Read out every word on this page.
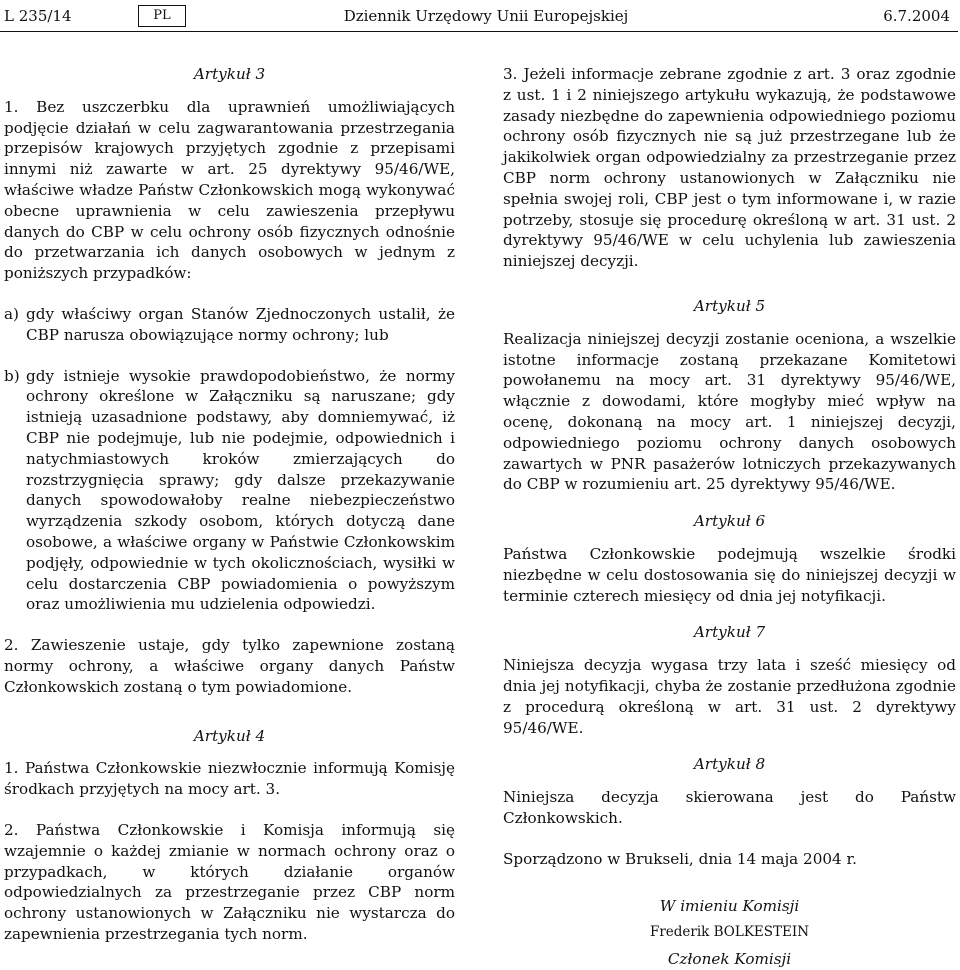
L 235/14	PL	Dziennik Urzędowy Unii Europejskiej	6.7.2004

Artykuł 3

1. Bez uszczerbku dla uprawnień umożliwiających podjęcie działań w celu zagwarantowania przestrzegania przepisów krajowych przyjętych zgodnie z przepisami innymi niż zawarte w art. 25 dyrektywy 95/46/WE, właściwe władze Państw Członkowskich mogą wykonywać obecne uprawnienia w celu zawieszenia przepływu danych do CBP w celu ochrony osób fizycznych odnośnie do przetwarzania ich danych osobowych w jednym z poniższych przypadków:

a) gdy właściwy organ Stanów Zjednoczonych ustalił, że CBP narusza obowiązujące normy ochrony; lub
b) gdy istnieje wysokie prawdopodobieństwo, że normy ochrony określone w Załączniku są naruszane; gdy istnieją uzasadnione podstawy, aby domniemywać, iż CBP nie podejmuje, lub nie podejmie, odpowiednich i natychmiastowych kroków zmierzających do rozstrzygnięcia sprawy; gdy dalsze przekazywanie danych spowodowałoby realne niebezpieczeństwo wyrządzenia szkody osobom, których dotyczą dane osobowe, a właściwe organy w Państwie Członkowskim podjęły, odpowiednie w tych okolicznościach, wysiłki w celu dostarczenia CBP powiadomienia o powyższym oraz umożliwienia mu udzielenia odpowiedzi.

2. Zawieszenie ustaje, gdy tylko zapewnione zostaną normy ochrony, a właściwe organy danych Państw Członkowskich zostaną o tym powiadomione.

Artykuł 4

1. Państwa Członkowskie niezwłocznie informują Komisję środkach przyjętych na mocy art. 3.

2. Państwa Członkowskie i Komisja informują się wzajemnie o każdej zmianie w normach ochrony oraz o przypadkach, w których działanie organów odpowiedzialnych za przestrzeganie przez CBP norm ochrony ustanowionych w Załączniku nie wystarcza do zapewnienia przestrzegania tych norm.

3. Jeżeli informacje zebrane zgodnie z art. 3 oraz zgodnie z ust. 1 i 2 niniejszego artykułu wykazują, że podstawowe zasady niezbędne do zapewnienia odpowiedniego poziomu ochrony osób fizycznych nie są już przestrzegane lub że jakikolwiek organ odpowiedzialny za przestrzeganie przez CBP norm ochrony ustanowionych w Załączniku nie spełnia swojej roli, CBP jest o tym informowane i, w razie potrzeby, stosuje się procedurę określoną w art. 31 ust. 2 dyrektywy 95/46/WE w celu uchylenia lub zawieszenia niniejszej decyzji.

Artykuł 5

Realizacja niniejszej decyzji zostanie oceniona, a wszelkie istotne informacje zostaną przekazane Komitetowi powołanemu na mocy art. 31 dyrektywy 95/46/WE, włącznie z dowodami, które mogłyby mieć wpływ na ocenę, dokonaną na mocy art. 1 niniejszej decyzji, odpowiedniego poziomu ochrony danych osobowych zawartych w PNR pasażerów lotniczych przekazywanych do CBP w rozumieniu art. 25 dyrektywy 95/46/WE.

Artykuł 6

Państwa Członkowskie podejmują wszelkie środki niezbędne w celu dostosowania się do niniejszej decyzji w terminie czterech miesięcy od dnia jej notyfikacji.

Artykuł 7

Niniejsza decyzja wygasa trzy lata i sześć miesięcy od dnia jej notyfikacji, chyba że zostanie przedłużona zgodnie z procedurą określoną w art. 31 ust. 2 dyrektywy 95/46/WE.

Artykuł 8

Niniejsza decyzja skierowana jest do Państw Członkowskich.

Sporządzono w Brukseli, dnia 14 maja 2004 r.

W imieniu Komisji

Frederik BOLKESTEIN

Członek Komisji
